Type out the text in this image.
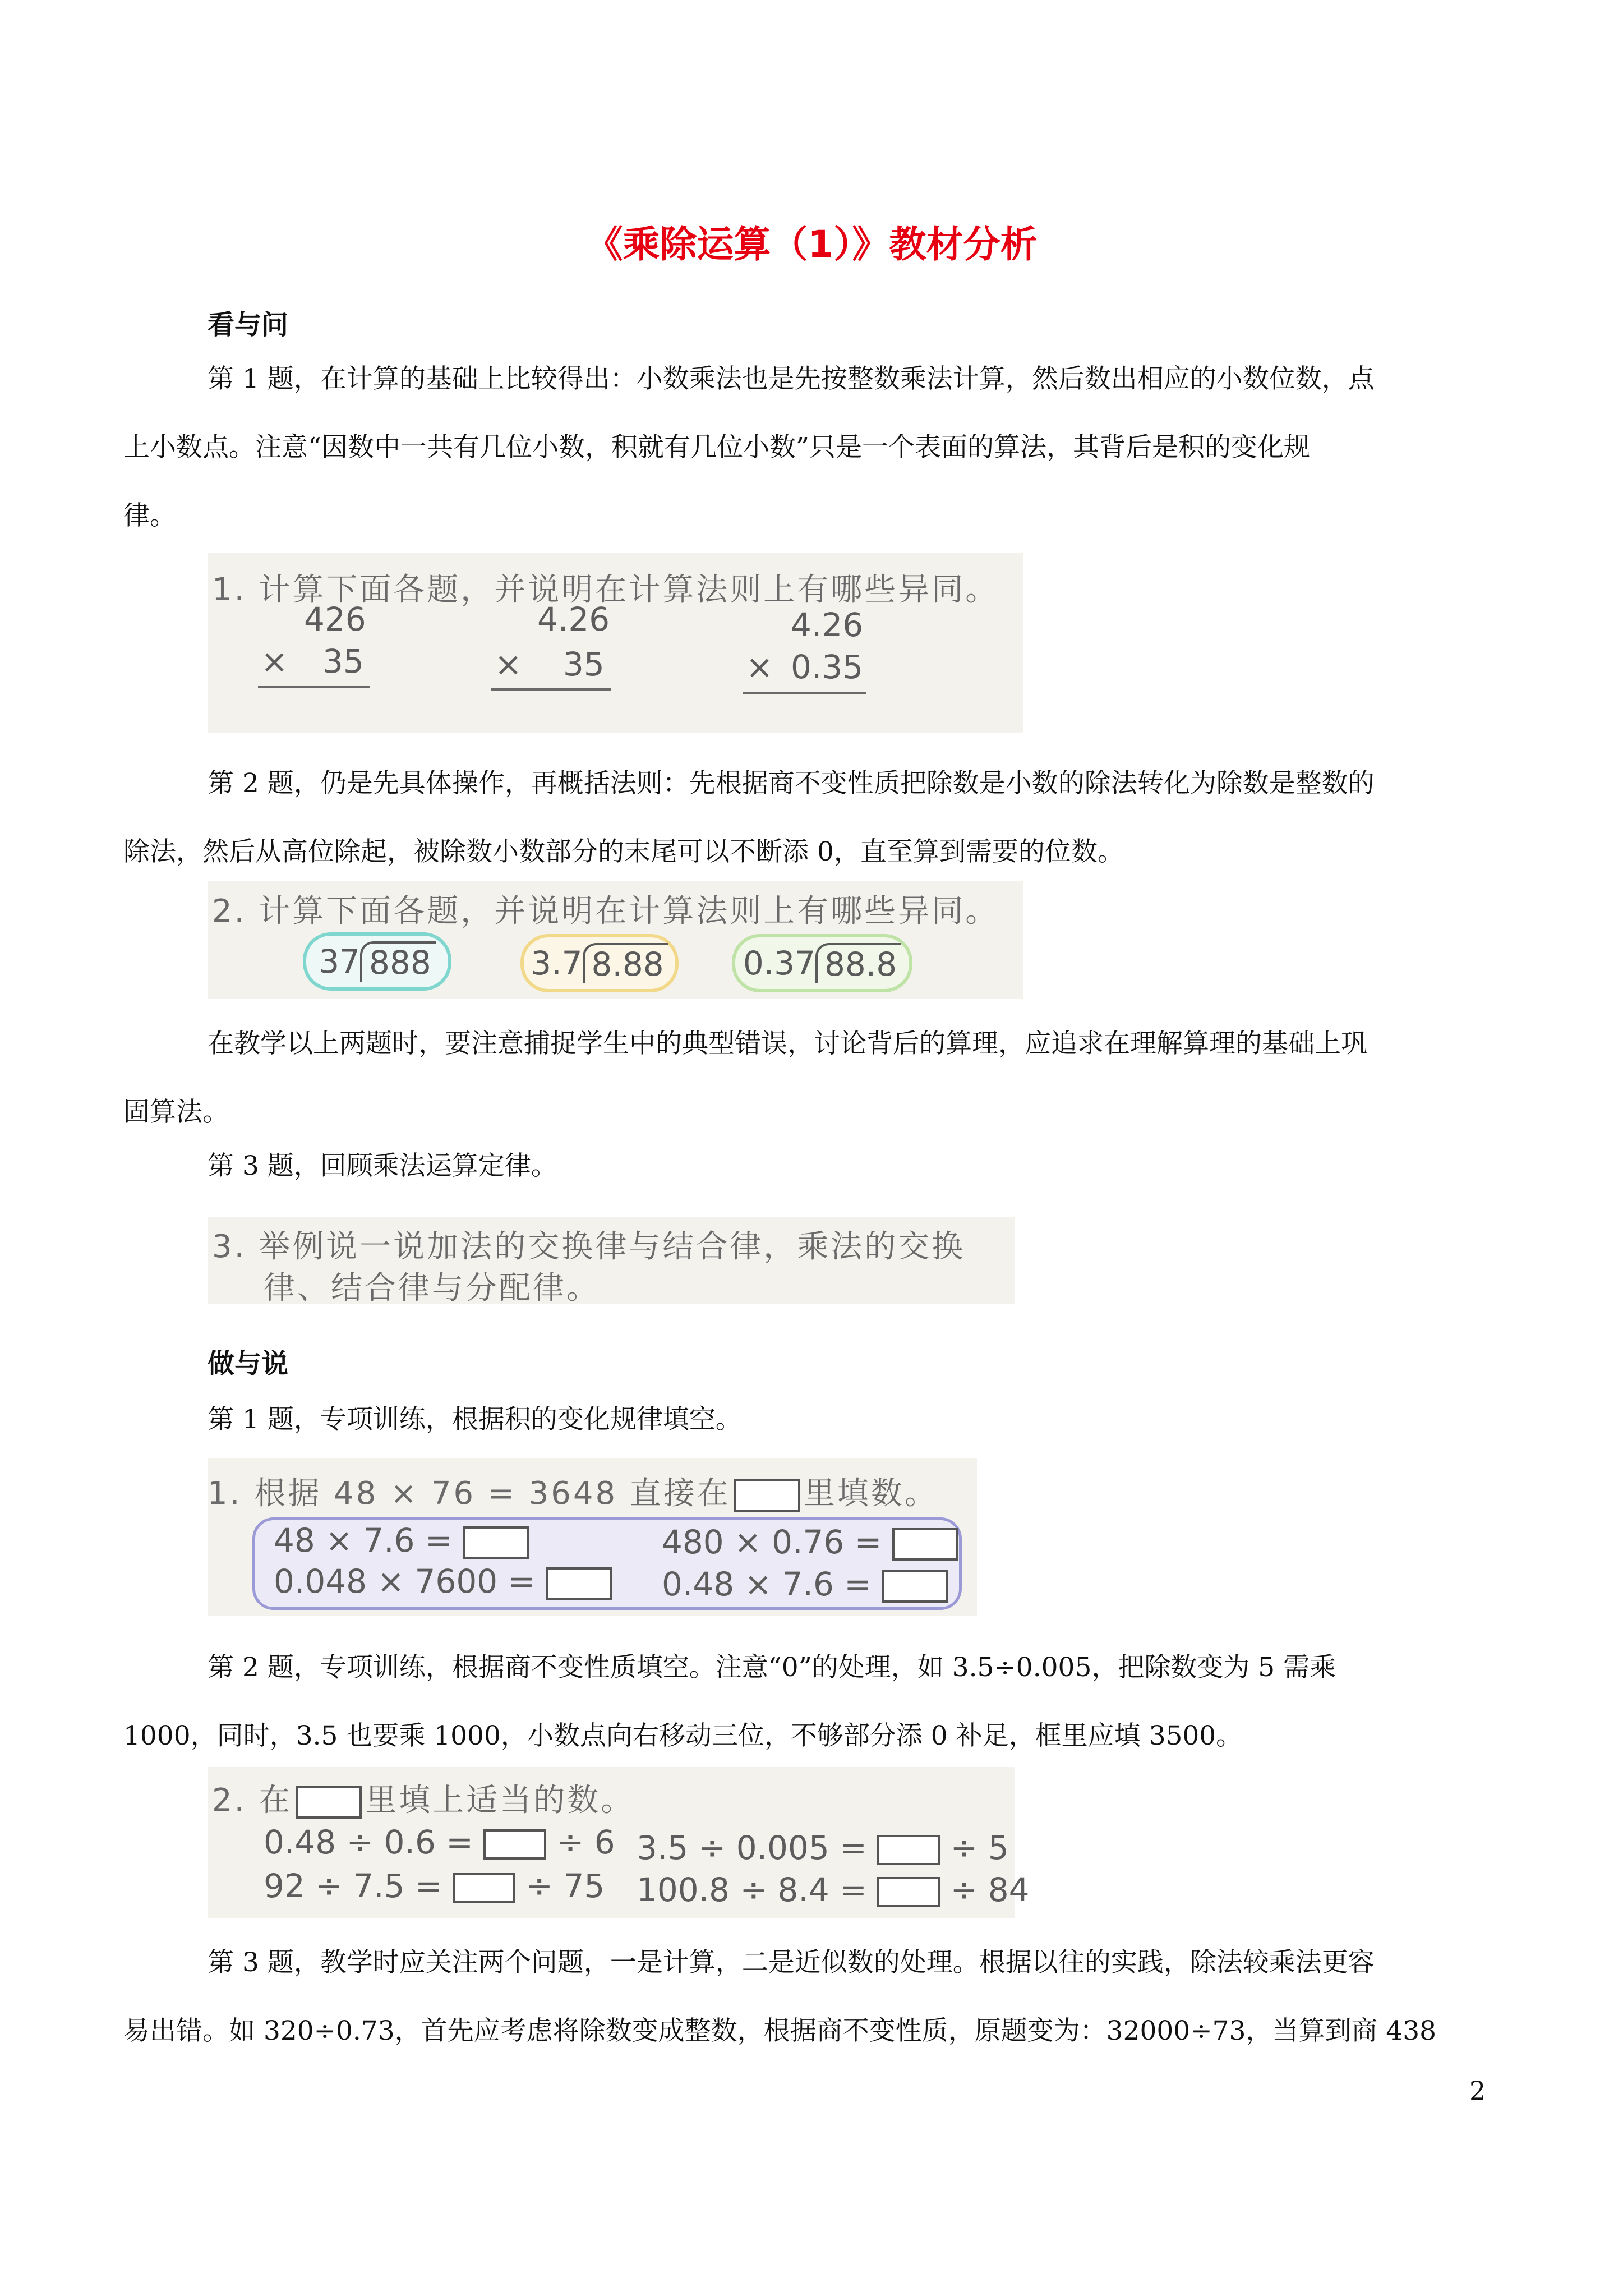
《乘除运算（1）》教材分析
看与问
第 1 题，在计算的基础上比较得出：小数乘法也是先按整数乘法计算，然后数出相应的小数位数，点
上小数点。注意“因数中一共有几位小数，积就有几位小数”只是一个表面的算法，其背后是积的变化规
律。
1. 计算下面各题，并说明在计算法则上有哪些异同。
426
× 35
4.26
× 35
4.26
× 0.35
第 2 题，仍是先具体操作，再概括法则：先根据商不变性质把除数是小数的除法转化为除数是整数的
除法，然后从高位除起，被除数小数部分的末尾可以不断添 0，直至算到需要的位数。
2. 计算下面各题，并说明在计算法则上有哪些异同。
37 888	3.7 8.88 0.37 88.8
在教学以上两题时，要注意捕捉学生中的典型错误，讨论背后的算理，应追求在理解算理的基础上巩
固算法。
第 3 题，回顾乘法运算定律。
3. 举例说一说加法的交换律与结合律，乘法的交换
律、结合律与分配律。
做与说
第 1 题，专项训练，根据积的变化规律填空。
1. 根据 48 × 76 = 3648 直接在 里填数。
48 × 7.6 =	480 × 0.76 =
0.048 × 7600 =	0.48 × 7.6 =
第 2 题，专项训练，根据商不变性质填空。注意“0”的处理，如 3.5÷0.005，把除数变为 5 需乘
1000，同时，3.5 也要乘 1000，小数点向右移动三位，不够部分添 0 补足，框里应填 3500。
2. 在 里填上适当的数。
0.48 ÷ 0.6 =	÷ 6 3.5 ÷ 0.005 =	÷ 5
92 ÷ 7.5 =	÷ 75 100.8 ÷ 8.4 =	÷ 84
第 3 题，教学时应关注两个问题，一是计算，二是近似数的处理。根据以往的实践，除法较乘法更容
易出错。如 320÷0.73，首先应考虑将除数变成整数，根据商不变性质，原题变为：32000÷73，当算到商 438
2
